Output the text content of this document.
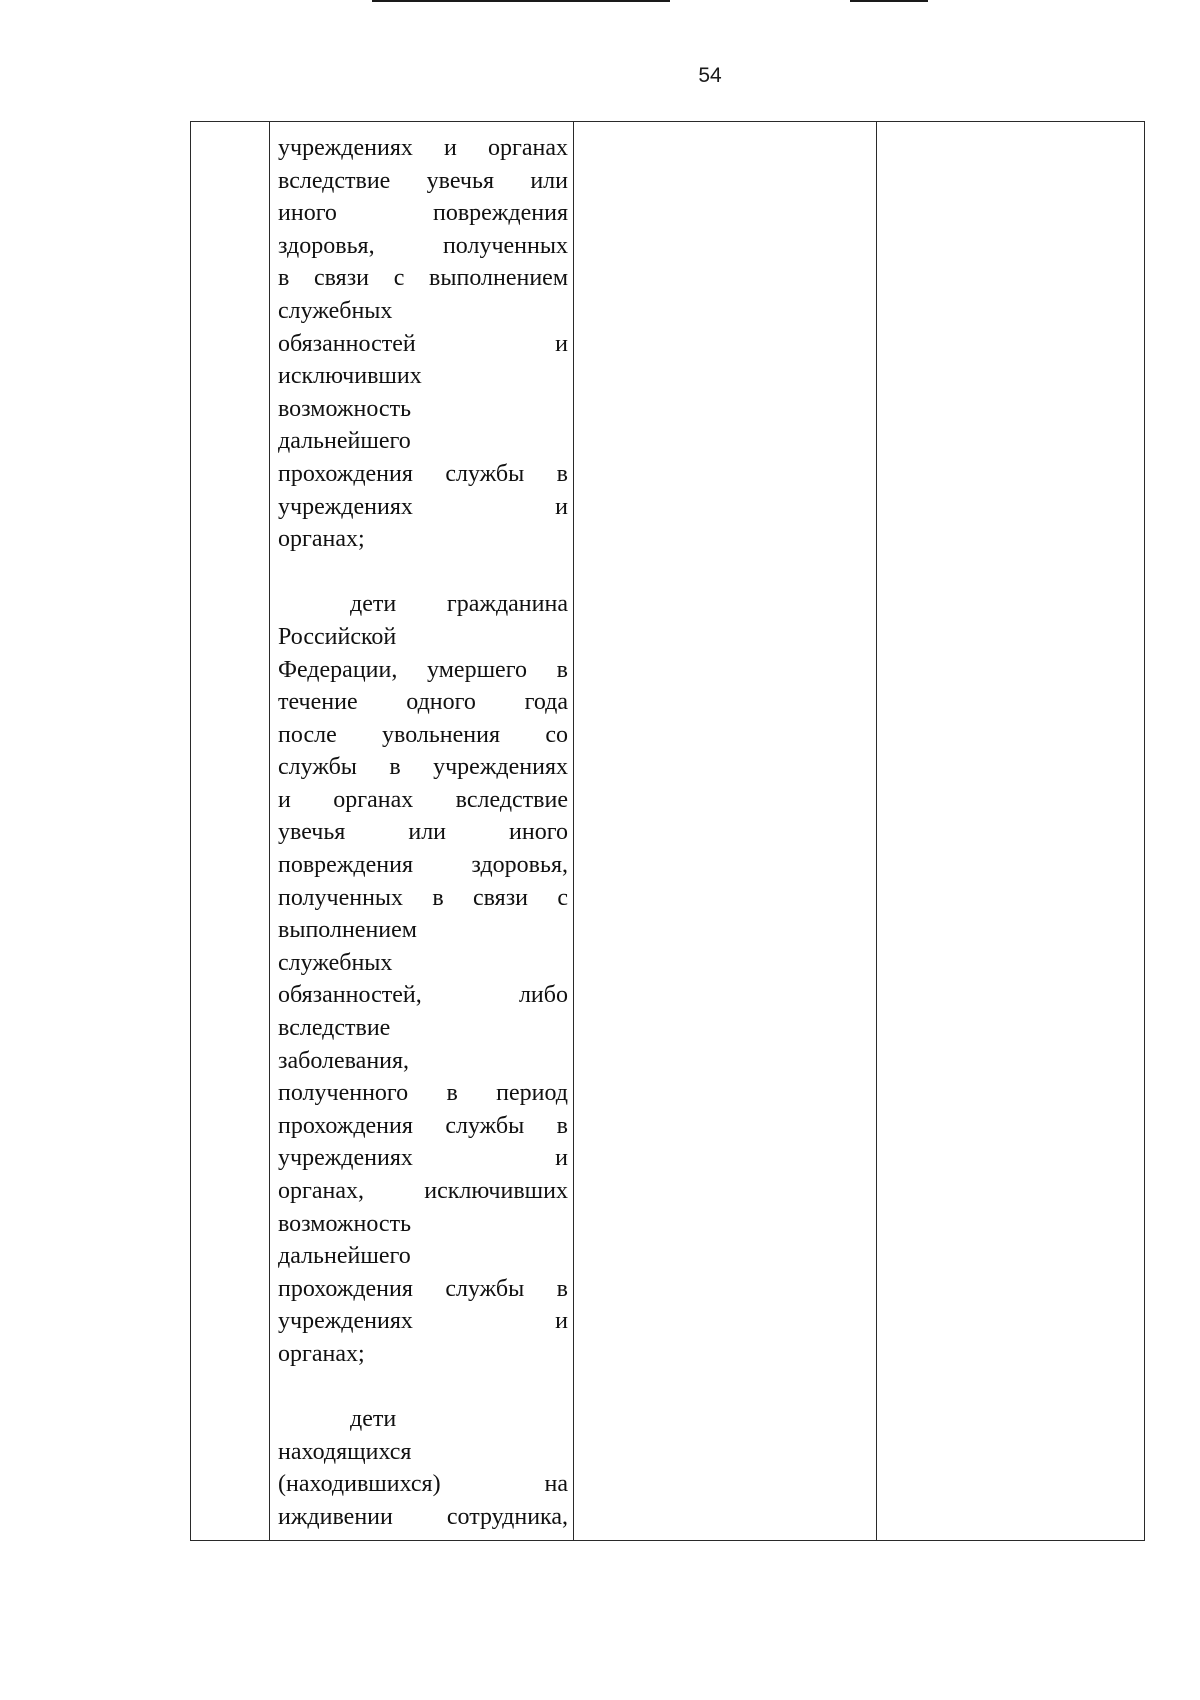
54

учреждениях и органах
вследствие увечья или
иного повреждения
здоровья, полученных
в связи с выполнением
служебных
обязанностей и
исключивших
возможность
дальнейшего
прохождения службы в
учреждениях и
органах;

дети гражданина
Российской
Федерации, умершего в
течение одного года
после увольнения со
службы в учреждениях
и органах вследствие
увечья или иного
повреждения здоровья,
полученных в связи с
выполнением
служебных
обязанностей, либо
вследствие
заболевания,
полученного в период
прохождения службы в
учреждениях и
органах, исключивших
возможность
дальнейшего
прохождения службы в
учреждениях и
органах;

дети
находящихся
(находившихся) на
иждивении сотрудника,
